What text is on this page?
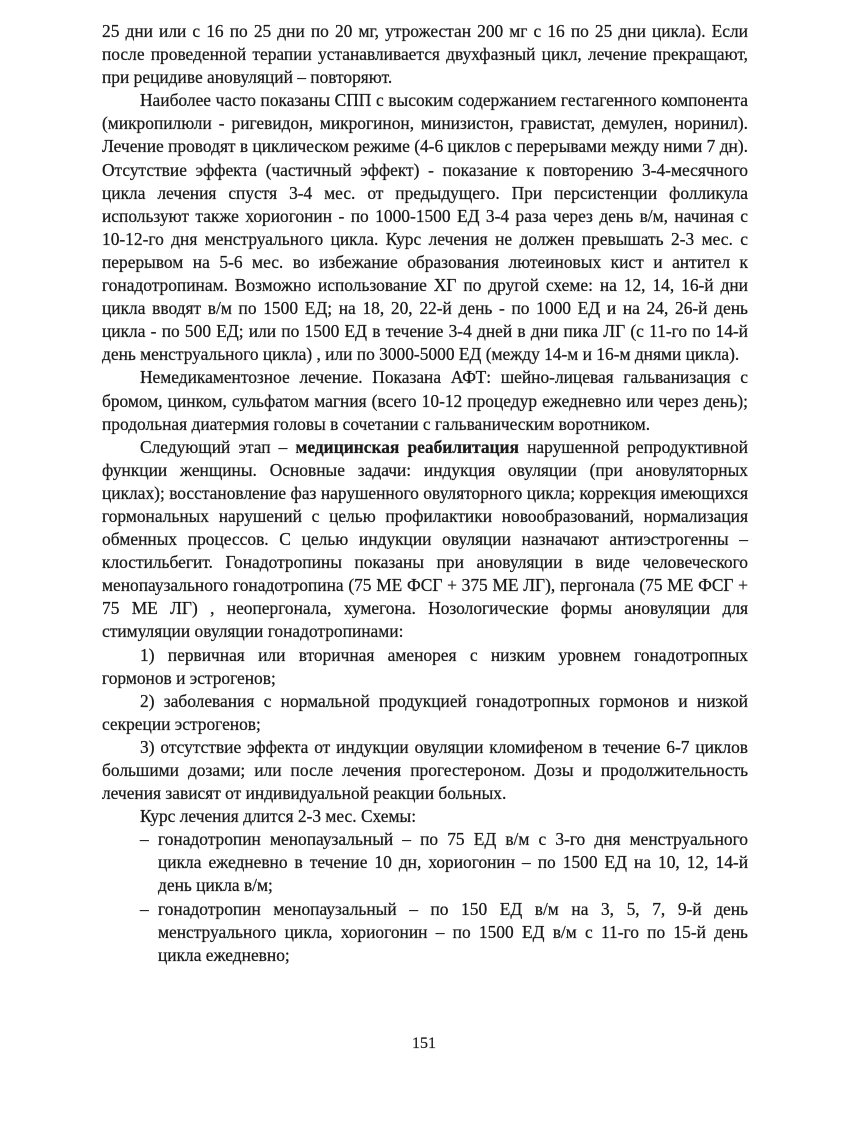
25 дни или с 16 по 25 дни по 20 мг, утрожестан 200 мг с 16 по 25 дни цикла). Если после проведенной терапии устанавливается двухфазный цикл, лечение прекращают, при рецидиве ановуляций – повторяют.

Наиболее часто показаны СПП с высоким содержанием гестагенного компонента (микропилюли - ригевидон, микрогинон, минизистон, гравистат, демулен, норинил). Лечение проводят в циклическом режиме (4-6 циклов с перерывами между ними 7 дн). Отсутствие эффекта (частичный эффект) - показание к повторению 3-4-месячного цикла лечения спустя 3-4 мес. от предыдущего. При персистенции фолликула используют также хориогонин - по 1000-1500 ЕД 3-4 раза через день в/м, начиная с 10-12-го дня менструального цикла. Курс лечения не должен превышать 2-3 мес. с перерывом на 5-6 мес. во избежание образования лютеиновых кист и антител к гонадотропинам. Возможно использование ХГ по другой схеме: на 12, 14, 16-й дни цикла вводят в/м по 1500 ЕД; на 18, 20, 22-й день - по 1000 ЕД и на 24, 26-й день цикла - по 500 ЕД; или по 1500 ЕД в течение 3-4 дней в дни пика ЛГ (с 11-го по 14-й день менструального цикла) , или по 3000-5000 ЕД (между 14-м и 16-м днями цикла).

Немедикаментозное лечение. Показана АФТ: шейно-лицевая гальванизация с бромом, цинком, сульфатом магния (всего 10-12 процедур ежедневно или через день); продольная диатермия головы в сочетании с гальваническим воротником.

Следующий этап – медицинская реабилитация нарушенной репродуктивной функции женщины. Основные задачи: индукция овуляции (при ановуляторных циклах); восстановление фаз нарушенного овуляторного цикла; коррекция имеющихся гормональных нарушений с целью профилактики новообразований, нормализация обменных процессов. С целью индукции овуляции назначают антиэстрогенны – клостильбегит. Гонадотропины показаны при ановуляции в виде человеческого менопаузального гонадотропина (75 МЕ ФСГ + 375 МЕ ЛГ), пергонала (75 МЕ ФСГ + 75 МЕ ЛГ) , неопергонала, хумегона. Нозологические формы ановуляции для стимуляции овуляции гонадотропинами:

1) первичная или вторичная аменорея с низким уровнем гонадотропных гормонов и эстрогенов;

2) заболевания с нормальной продукцией гонадотропных гормонов и низкой секреции эстрогенов;

3) отсутствие эффекта от индукции овуляции кломифеном в течение 6-7 циклов большими дозами; или после лечения прогестероном. Дозы и продолжительность лечения зависят от индивидуальной реакции больных.

Курс лечения длится 2-3 мес. Схемы:

– гонадотропин менопаузальный – по 75 ЕД в/м с 3-го дня менструального цикла ежедневно в течение 10 дн, хориогонин – по 1500 ЕД на 10, 12, 14-й день цикла в/м;
– гонадотропин менопаузальный – по 150 ЕД в/м на 3, 5, 7, 9-й день менструального цикла, хориогонин – по 1500 ЕД в/м с 11-го по 15-й день цикла ежедневно;
151
